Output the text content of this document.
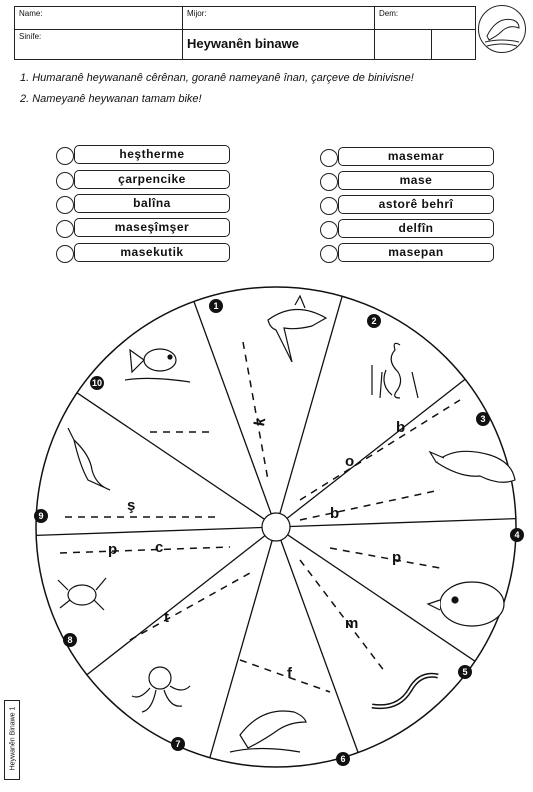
Name:
Sinife:
Mijor:
Heywanên binawe
Dem:
1. Humaranê heywananê cêrênan, goranê nameyanê înan, çarçeve de binivisne!
2. Nameyanê heywanan tamam bike!
heştherme
çarpencike
balîna
maseşîmşer
masekutik
masemar
mase
astorê behrî
delfîn
masepan
k	b
o
b
p
m
f
t
p	c
ş
1
2
3
4
5
6
7
8
9
10
Heywanên Binawe 1
